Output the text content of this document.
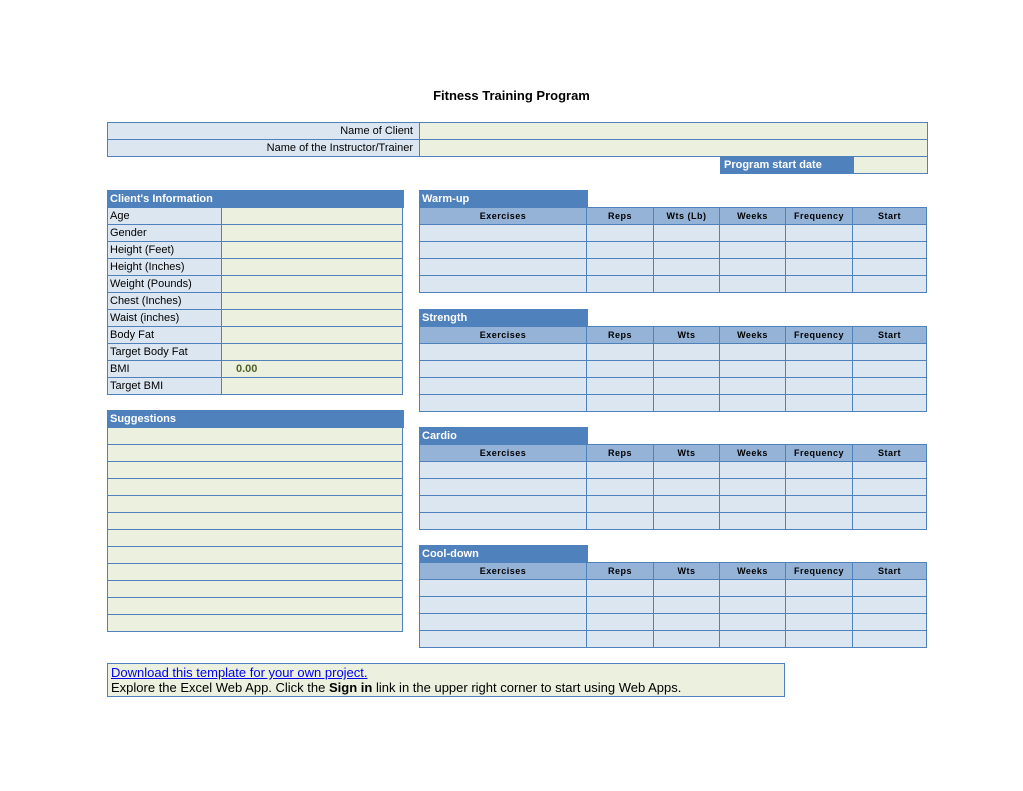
Fitness Training Program
Name of Client	
Name of the Instructor/Trainer	
Program start date	
Client's Information
Age	
Gender	
Height (Feet)	
Height (Inches)	
Weight (Pounds)	
Chest (Inches)	
Waist (inches)	
Body Fat	
Target Body Fat	
BMI	0.00
Target BMI	
Suggestions

Warm-up
Exercises	Reps	Wts (Lb)	Weeks	Frequency	Start

Strength
Exercises	Reps	Wts	Weeks	Frequency	Start

Cardio
Exercises	Reps	Wts	Weeks	Frequency	Start

Cool-down
Exercises	Reps	Wts	Weeks	Frequency	Start

Download this template for your own project.
Explore the Excel Web App. Click the Sign in link in the upper right corner to start using Web Apps.
